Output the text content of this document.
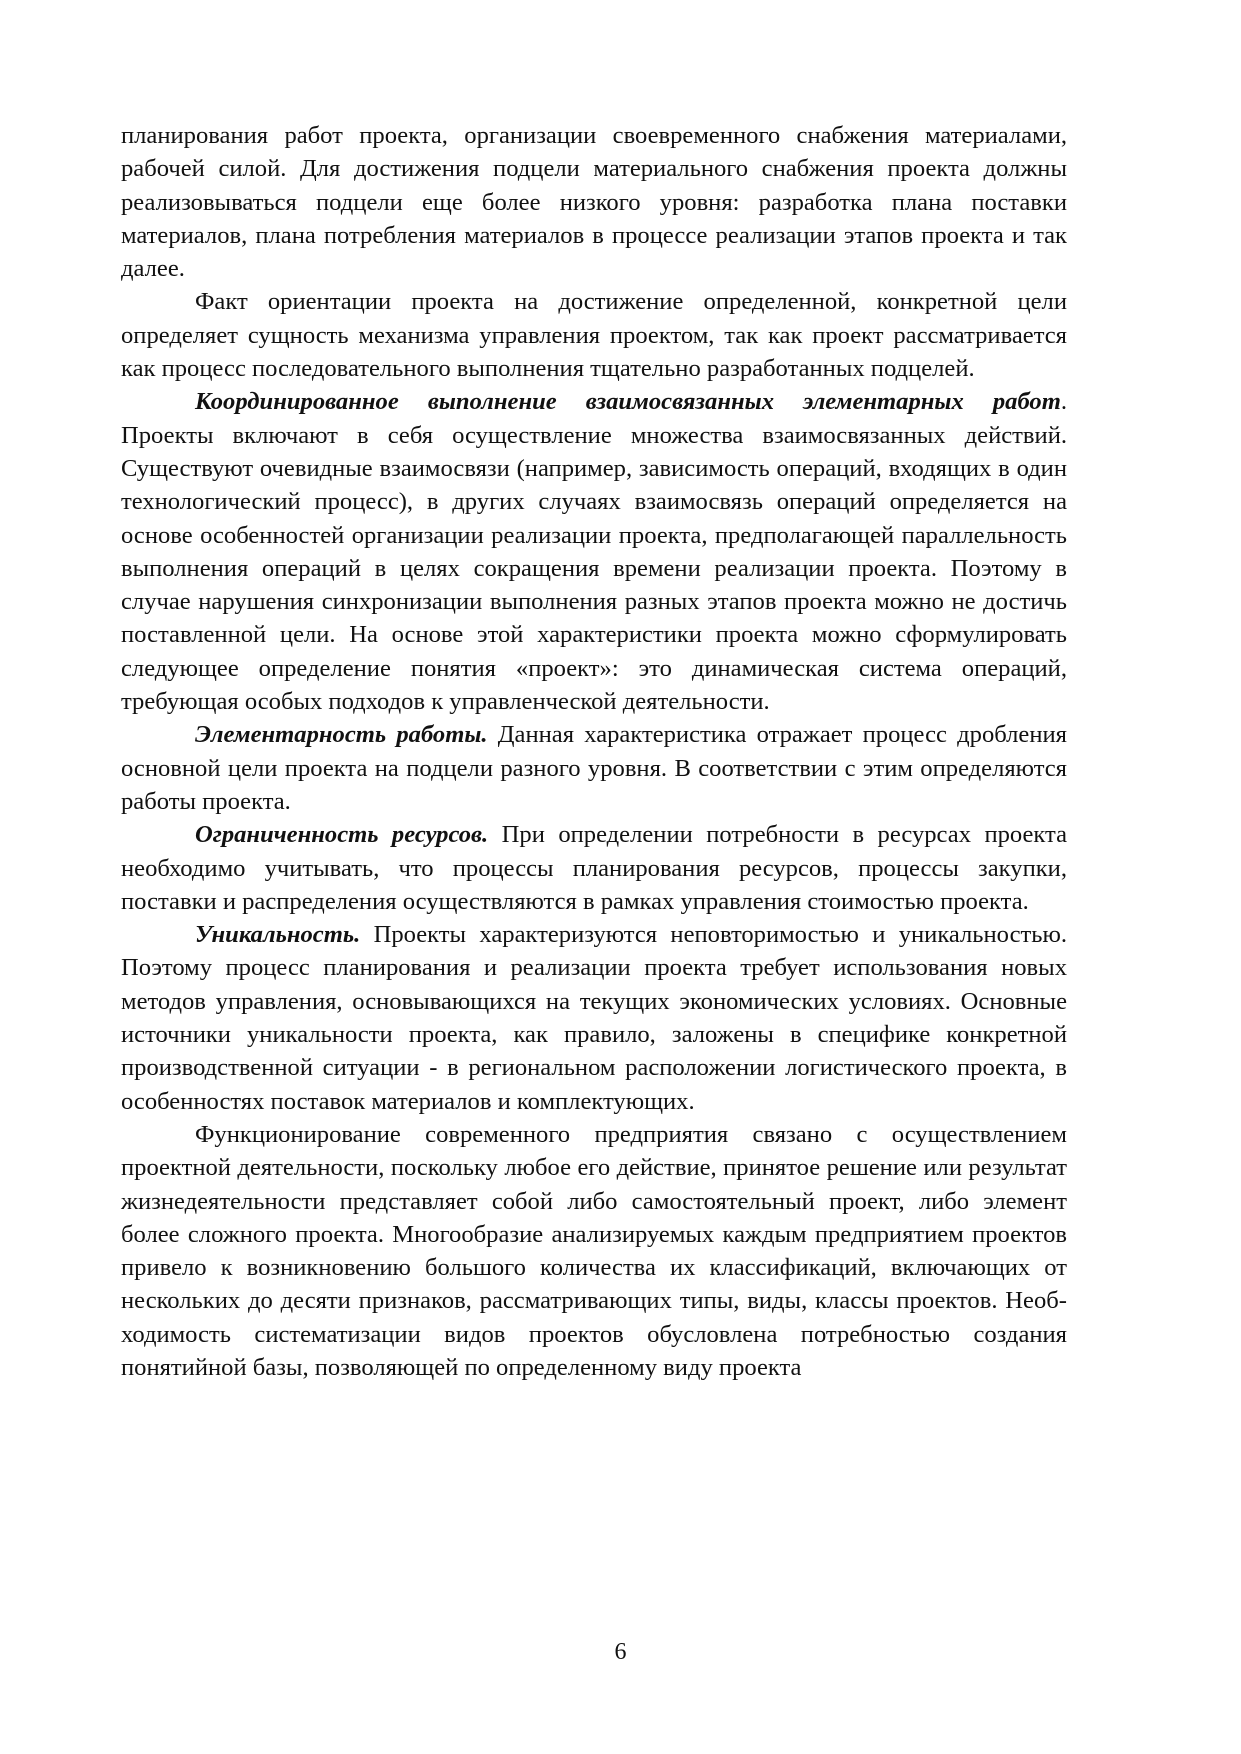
планирования работ проекта, организации своевременного снабжения материалами, рабочей силой. Для достижения подцели материального снабжения проекта должны реализовываться подцели еще более низкого уровня: разработка плана поставки материалов, плана потребления материалов в процессе реализации этапов проекта и так далее.

Факт ориентации проекта на достижение определенной, конкретной цели определяет сущность механизма управления проектом, так как проект рассматривается как процесс последовательного выполнения тщательно разработанных подцелей.

Координированное выполнение взаимосвязанных элементарных работ. Проекты включают в себя осуществление множества взаимосвязанных действий. Существуют очевидные взаимосвязи (например, зависимость операций, входящих в один технологический процесс), в других случаях взаимосвязь операций определяется на основе особенностей организации реализации проекта, предполагающей параллельность выполнения операций в целях сокращения времени реализации проекта. Поэтому в случае нарушения синхронизации выполнения разных этапов проекта можно не достичь поставленной цели. На основе этой характеристики проекта можно сформулировать следующее определение понятия «проект»: это динамическая система операций, требующая особых подходов к управленческой деятельности.

Элементарность работы. Данная характеристика отражает процесс дробления основной цели проекта на подцели разного уровня. В соответствии с этим определяются работы проекта.

Ограниченность ресурсов. При определении потребности в ресурсах проекта необходимо учитывать, что процессы планирования ресурсов, процессы закупки, поставки и распределения осуществляются в рамках управления стоимостью проекта.

Уникальность. Проекты характеризуются неповторимостью и уникальностью. Поэтому процесс планирования и реализации проекта требует использования новых методов управления, основывающихся на текущих экономических условиях. Основные источники уникальности проекта, как правило, заложены в специфике конкретной производственной ситуации - в региональном расположении логистического проекта, в особенностях поставок материалов и комплектующих.

Функционирование современного предприятия связано с осуществлением проектной деятельности, поскольку любое его действие, принятое решение или результат жизнедеятельности представляет собой либо самостоятельный проект, либо элемент более сложного проекта. Многообразие анализируемых каждым предприятием проектов привело к возникновению большого количества их классификаций, включающих от нескольких до десяти признаков, рассматривающих типы, виды, классы проектов. Необходимость систематизации видов проектов обусловлена потребностью создания понятийной базы, позволяющей по определенному виду проекта

6
